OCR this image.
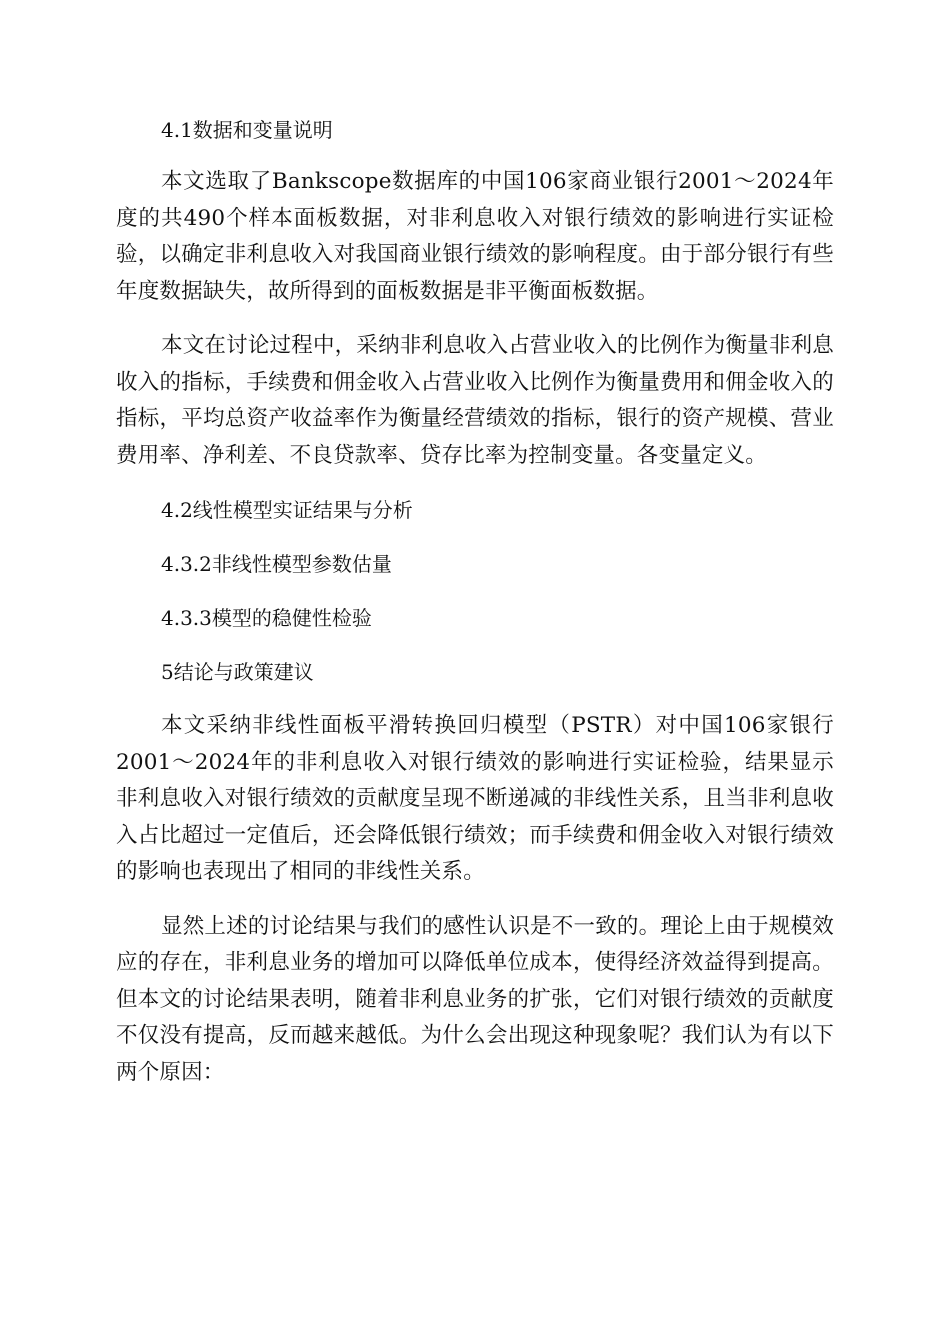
4.1数据和变量说明

本文选取了Bankscope数据库的中国106家商业银行2001～2024年度的共490个样本面板数据，对非利息收入对银行绩效的影响进行实证检验，以确定非利息收入对我国商业银行绩效的影响程度。由于部分银行有些年度数据缺失，故所得到的面板数据是非平衡面板数据。

本文在讨论过程中，采纳非利息收入占营业收入的比例作为衡量非利息收入的指标，手续费和佣金收入占营业收入比例作为衡量费用和佣金收入的指标，平均总资产收益率作为衡量经营绩效的指标，银行的资产规模、营业费用率、净利差、不良贷款率、贷存比率为控制变量。各变量定义。

4.2线性模型实证结果与分析
4.3.2非线性模型参数估量
4.3.3模型的稳健性检验
5结论与政策建议

本文采纳非线性面板平滑转换回归模型（PSTR）对中国106家银行2001～2024年的非利息收入对银行绩效的影响进行实证检验，结果显示非利息收入对银行绩效的贡献度呈现不断递减的非线性关系，且当非利息收入占比超过一定值后，还会降低银行绩效；而手续费和佣金收入对银行绩效的影响也表现出了相同的非线性关系。

显然上述的讨论结果与我们的感性认识是不一致的。理论上由于规模效应的存在，非利息业务的增加可以降低单位成本，使得经济效益得到提高。但本文的讨论结果表明，随着非利息业务的扩张，它们对银行绩效的贡献度不仅没有提高，反而越来越低。为什么会出现这种现象呢？我们认为有以下两个原因：
